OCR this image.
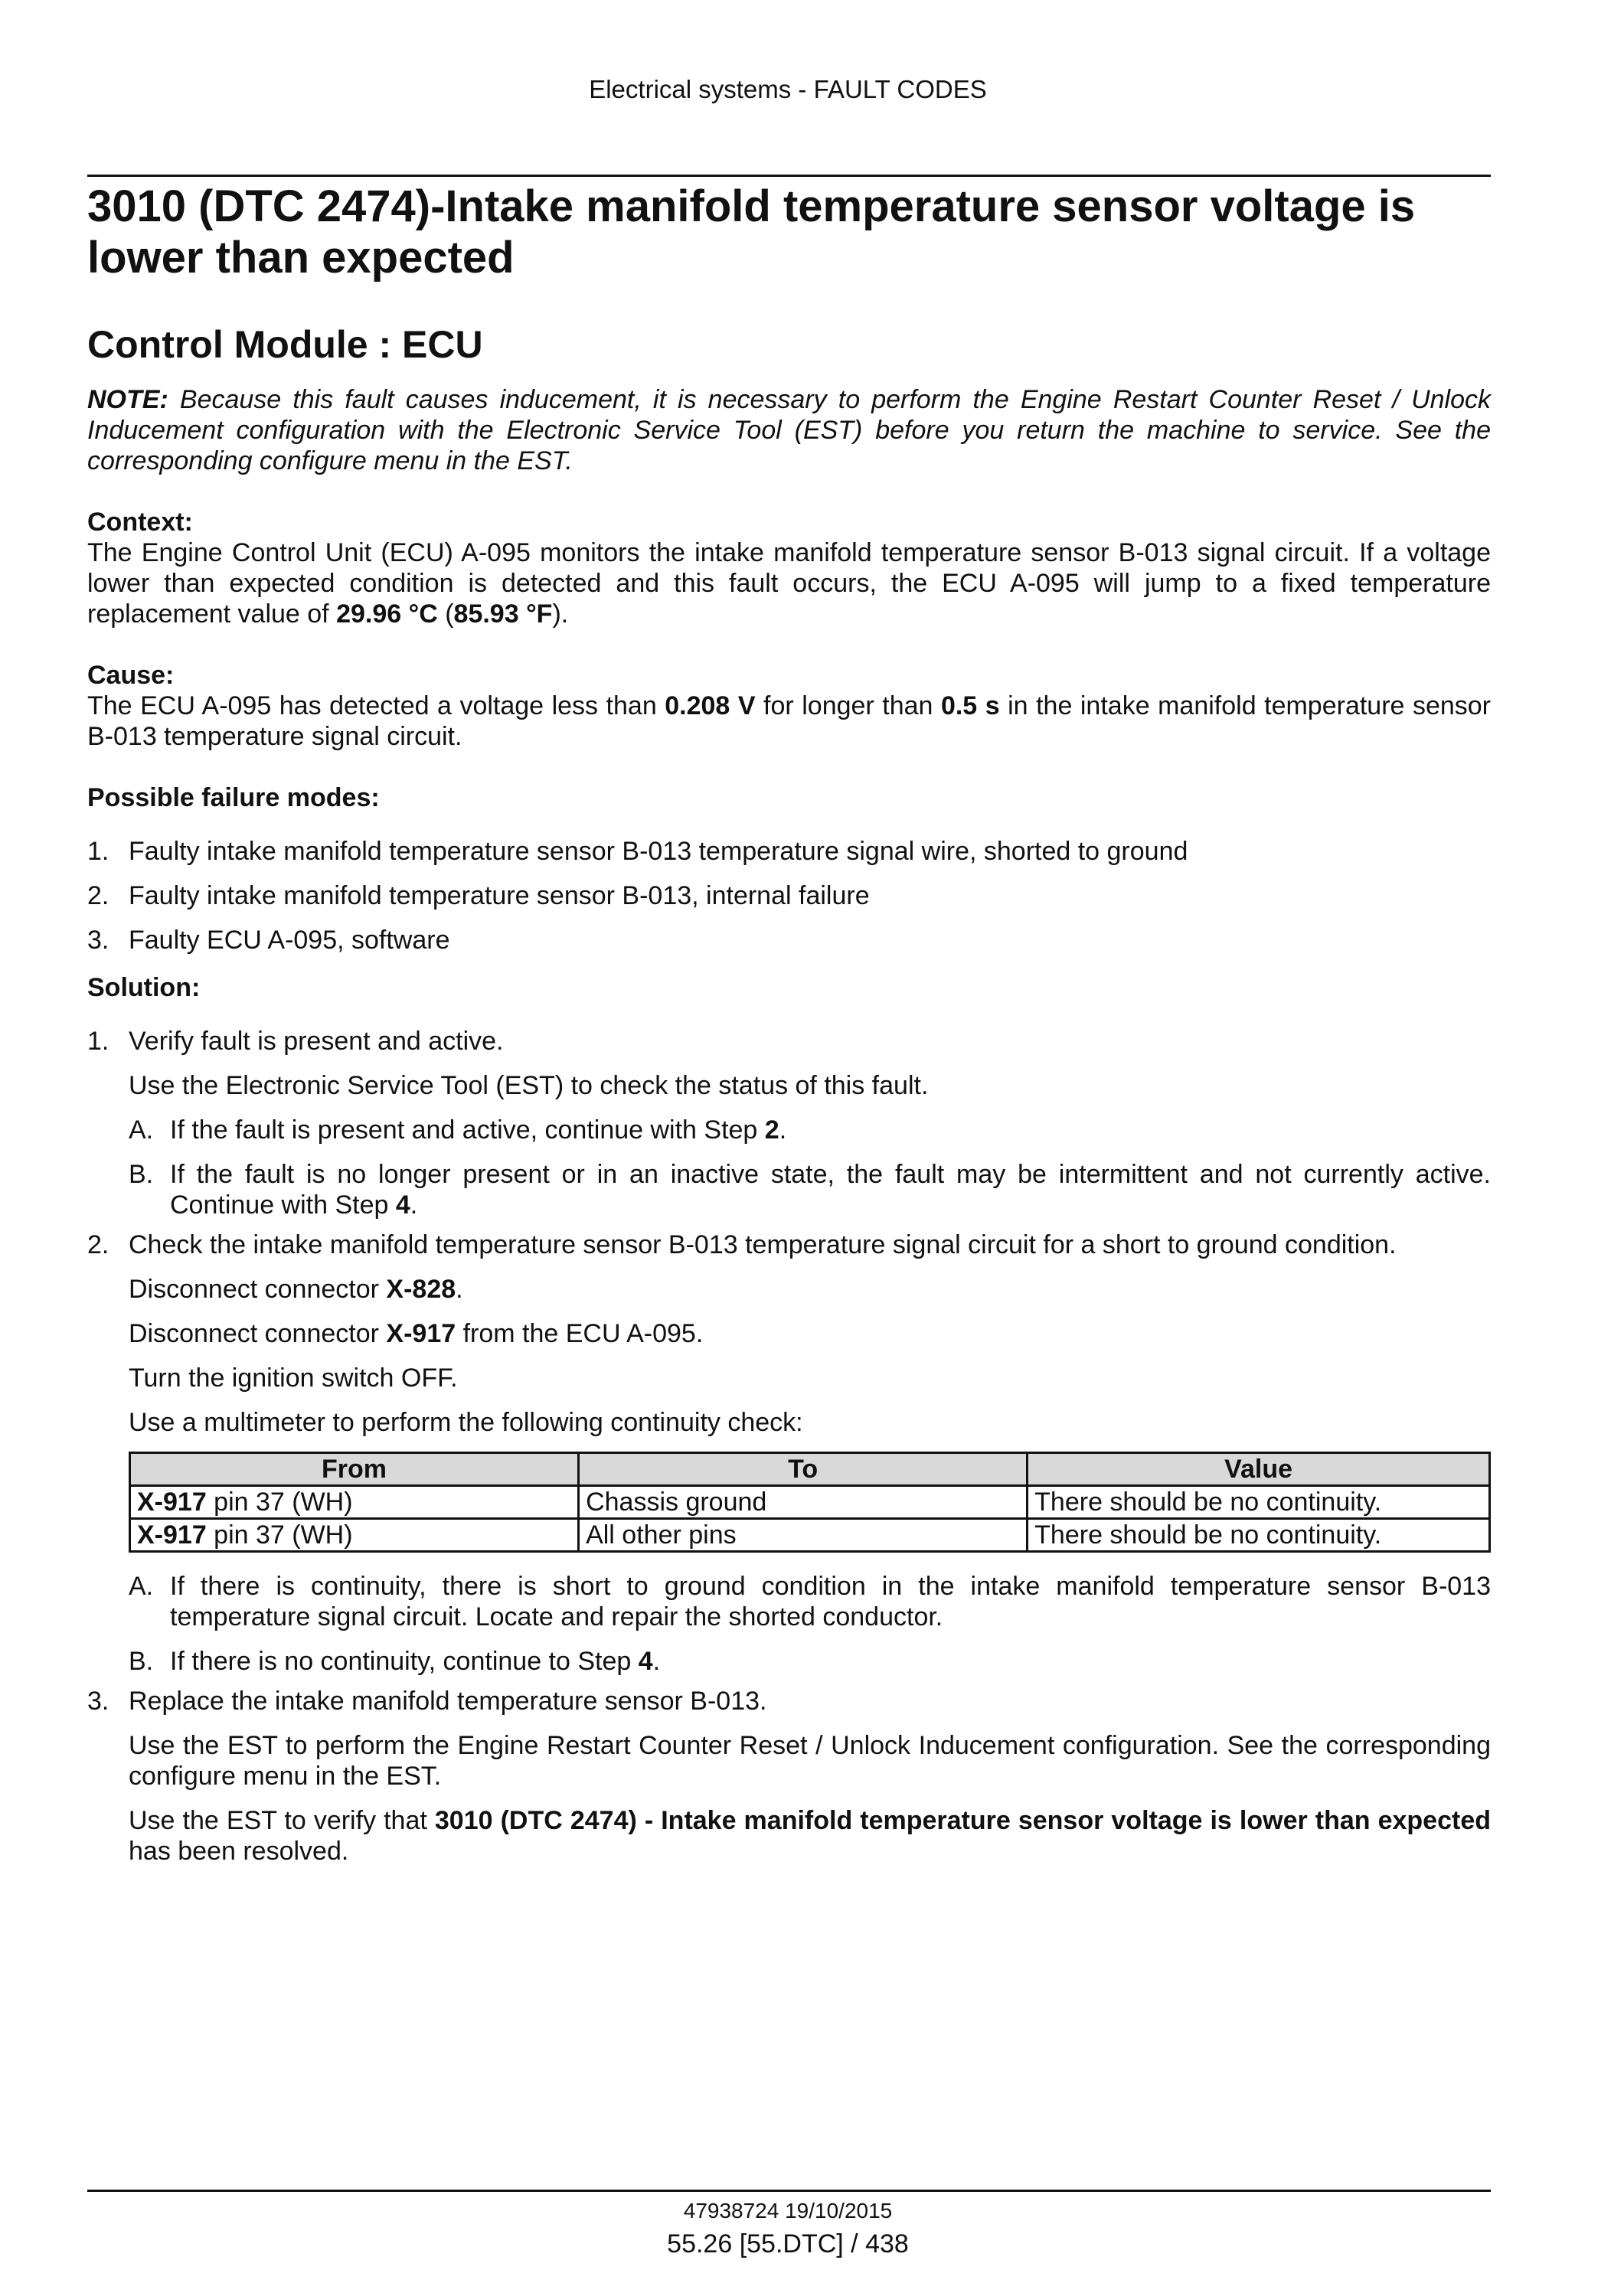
Electrical systems - FAULT CODES
3010 (DTC 2474)-Intake manifold temperature sensor voltage is lower than expected
Control Module : ECU

NOTE: Because this fault causes inducement, it is necessary to perform the Engine Restart Counter Reset / Unlock Inducement configuration with the Electronic Service Tool (EST) before you return the machine to service. See the corresponding configure menu in the EST.

Context:

The Engine Control Unit (ECU) A-095 monitors the intake manifold temperature sensor B-013 signal circuit. If a voltage lower than expected condition is detected and this fault occurs, the ECU A-095 will jump to a fixed temperature replacement value of 29.96 °C (85.93 °F).

Cause:

The ECU A-095 has detected a voltage less than 0.208 V for longer than 0.5 s in the intake manifold temperature sensor B-013 temperature signal circuit.

Possible failure modes:
1. Faulty intake manifold temperature sensor B-013 temperature signal wire, shorted to ground
2. Faulty intake manifold temperature sensor B-013, internal failure
3. Faulty ECU A-095, software
Solution:
1. Verify fault is present and active.
Use the Electronic Service Tool (EST) to check the status of this fault.
A. If the fault is present and active, continue with Step 2.
B. If the fault is no longer present or in an inactive state, the fault may be intermittent and not currently active. Continue with Step 4.
2. Check the intake manifold temperature sensor B-013 temperature signal circuit for a short to ground condition.
Disconnect connector X-828.
Disconnect connector X-917 from the ECU A-095.
Turn the ignition switch OFF.
Use a multimeter to perform the following continuity check:
From	To	Value
X-917 pin 37 (WH)	Chassis ground	There should be no continuity.
X-917 pin 37 (WH)	All other pins	There should be no continuity.
A. If there is continuity, there is short to ground condition in the intake manifold temperature sensor B-013 temperature signal circuit. Locate and repair the shorted conductor.
B. If there is no continuity, continue to Step 4.
3. Replace the intake manifold temperature sensor B-013.

Use the EST to perform the Engine Restart Counter Reset / Unlock Inducement configuration. See the corresponding configure menu in the EST.

Use the EST to verify that 3010 (DTC 2474) - Intake manifold temperature sensor voltage is lower than expected has been resolved.

47938724 19/10/2015
55.26 [55.DTC] / 438
